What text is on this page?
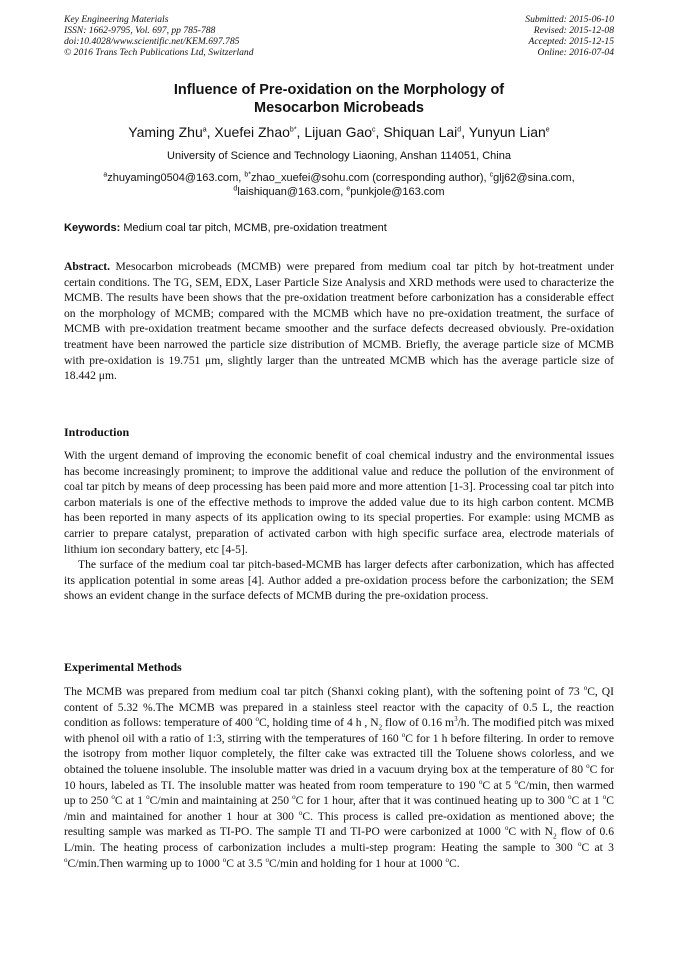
Key Engineering Materials
ISSN: 1662-9795, Vol. 697, pp 785-788
doi:10.4028/www.scientific.net/KEM.697.785
© 2016 Trans Tech Publications Ltd, Switzerland
Submitted: 2015-06-10
Revised: 2015-12-08
Accepted: 2015-12-15
Online: 2016-07-04
Influence of Pre-oxidation on the Morphology of
Mesocarbon Microbeads
Yaming Zhu$^a$, Xuefei Zhao$^{b*}$, Lijuan Gao$^c$, Shiquan Lai$^d$, Yunyun Lian$^e$
University of Science and Technology Liaoning, Anshan 114051, China
$^a$zhuyaming0504@163.com, $^{b*}$zhao_xuefei@sohu.com (corresponding author), $^c$glj62@sina.com,
$^d$laishiquan@163.com, $^e$punkjole@163.com
Keywords: Medium coal tar pitch, MCMB, pre-oxidation treatment

Abstract. Mesocarbon microbeads (MCMB) were prepared from medium coal tar pitch by hot-treatment under certain conditions. The TG, SEM, EDX, Laser Particle Size Analysis and XRD methods were used to characterize the MCMB. The results have been shows that the pre-oxidation treatment before carbonization has a considerable effect on the morphology of MCMB; compared with the MCMB which have no pre-oxidation treatment, the surface of MCMB with pre-oxidation treatment became smoother and the surface defects decreased obviously. Pre-oxidation treatment have been narrowed the particle size distribution of MCMB. Briefly, the average particle size of MCMB with pre-oxidation is 19.751 μm, slightly larger than the untreated MCMB which has the average particle size of 18.442 μm.

Introduction

With the urgent demand of improving the economic benefit of coal chemical industry and the environmental issues has become increasingly prominent; to improve the additional value and reduce the pollution of the environment of coal tar pitch by means of deep processing has been paid more and more attention [1-3]. Processing coal tar pitch into carbon materials is one of the effective methods to improve the added value due to its high carbon content. MCMB has been reported in many aspects of its application owing to its special properties. For example: using MCMB as carrier to prepare catalyst, preparation of activated carbon with high specific surface area, electrode materials of lithium ion secondary battery, etc [4-5].

The surface of the medium coal tar pitch-based-MCMB has larger defects after carbonization, which has affected its application potential in some areas [4]. Author added a pre-oxidation process before the carbonization; the SEM shows an evident change in the surface defects of MCMB during the pre-oxidation process.

Experimental Methods

The MCMB was prepared from medium coal tar pitch (Shanxi coking plant), with the softening point of 73 $^o$C, QI content of 5.32 %.The MCMB was prepared in a stainless steel reactor with the capacity of 0.5 L, the reaction condition as follows: temperature of 400 $^o$C, holding time of 4 h , $N_2$ flow of 0.16 $m^3/h$. The modified pitch was mixed with phenol oil with a ratio of 1:3, stirring with the temperatures of 160 $^o$C for 1 h before filtering. In order to remove the isotropy from mother liquor completely, the filter cake was extracted till the Toluene shows colorless, and we obtained the toluene insoluble. The insoluble matter was dried in a vacuum drying box at the temperature of 80 $^o$C for 10 hours, labeled as TI. The insoluble matter was heated from room temperature to 190 $^o$C at 5 $^o$C/min, then warmed up to 250 $^o$C at 1 $^o$C/min and maintaining at 250 $^o$C for 1 hour, after that it was continued heating up to 300 $^o$C at 1 $^o$C /min and maintained for another 1 hour at 300 $^o$C. This process is called pre-oxidation as mentioned above; the resulting sample was marked as TI-PO. The sample TI and TI-PO were carbonized at 1000 $^o$C with $N_2$ flow of 0.6 L/min. The heating process of carbonization includes a multi-step program: Heating the sample to 300 $^o$C at 3 $^o$C/min.Then warming up to 1000 $^o$C at 3.5 $^o$C/min and holding for 1 hour at 1000 $^o$C.
